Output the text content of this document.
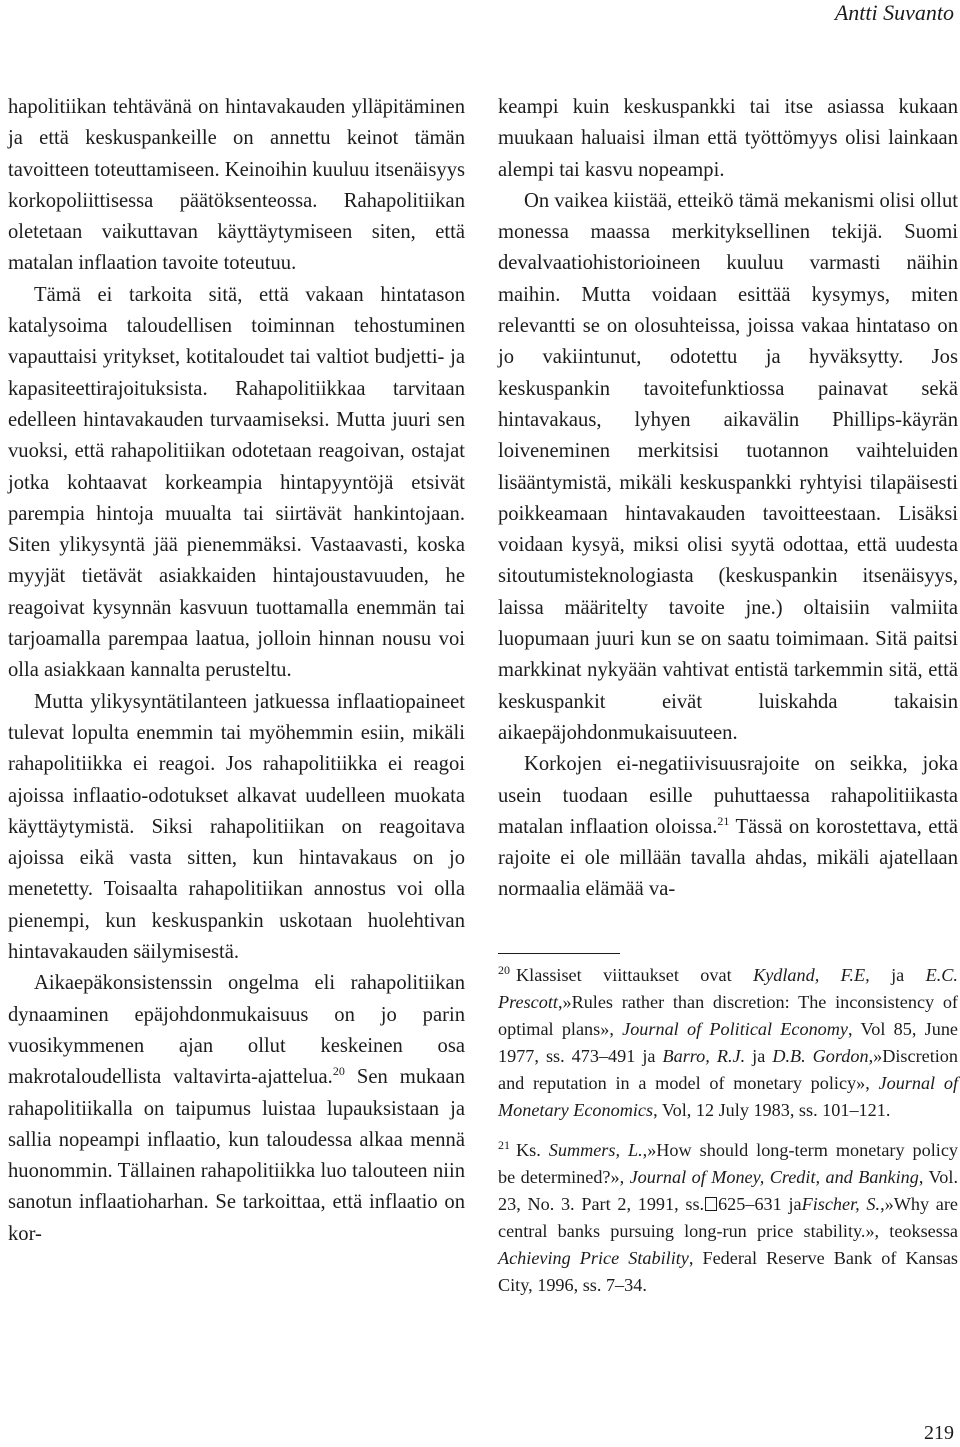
Antti Suvanto

hapolitiikan tehtävänä on hintavakauden ylläpitäminen ja että keskuspankeille on annettu keinot tämän tavoitteen toteuttamiseen. Keinoihin kuuluu itsenäisyys korkopoliittisessa päätöksenteossa. Rahapolitiikan oletetaan vaikuttavan käyttäytymiseen siten, että matalan inflaation tavoite toteutuu.

Tämä ei tarkoita sitä, että vakaan hintatason katalysoima taloudellisen toiminnan tehostuminen vapauttaisi yritykset, kotitaloudet tai valtiot budjetti- ja kapasiteettirajoituksista. Rahapolitiikkaa tarvitaan edelleen hintavakauden turvaamiseksi. Mutta juuri sen vuoksi, että rahapolitiikan odotetaan reagoivan, ostajat jotka kohtaavat korkeampia hintapyyntöjä etsivät parempia hintoja muualta tai siirtävät hankintojaan. Siten ylikysyntä jää pienemmäksi. Vastaavasti, koska myyjät tietävät asiakkaiden hintajoustavuuden, he reagoivat kysynnän kasvuun tuottamalla enemmän tai tarjoamalla parempaa laatua, jolloin hinnan nousu voi olla asiakkaan kannalta perusteltu.

Mutta ylikysyntätilanteen jatkuessa inflaatiopaineet tulevat lopulta enemmin tai myöhemmin esiin, mikäli rahapolitiikka ei reagoi. Jos rahapolitiikka ei reagoi ajoissa inflaatio-odotukset alkavat uudelleen muokata käyttäytymistä. Siksi rahapolitiikan on reagoitava ajoissa eikä vasta sitten, kun hintavakaus on jo menetetty. Toisaalta rahapolitiikan annostus voi olla pienempi, kun keskuspankin uskotaan huolehtivan hintavakauden säilymisestä.

Aikaepäkonsistenssin ongelma eli rahapolitiikan dynaaminen epäjohdonmukaisuus on jo parin vuosikymmenen ajan ollut keskeinen osa makrotaloudellista valtavirta-ajattelua.$^{20}$ Sen mukaan rahapolitiikalla on taipumus luistaa lupauksistaan ja sallia nopeampi inflaatio, kun taloudessa alkaa mennä huonommin. Tällainen rahapolitiikka luo talouteen niin sanotun inflaatioharhan. Se tarkoittaa, että inflaatio on kor-

keampi kuin keskuspankki tai itse asiassa kukaan muukaan haluaisi ilman että työttömyys olisi lainkaan alempi tai kasvu nopeampi.

On vaikea kiistää, etteikö tämä mekanismi olisi ollut monessa maassa merkityksellinen tekijä. Suomi devalvaatiohistorioineen kuuluu varmasti näihin maihin. Mutta voidaan esittää kysymys, miten relevantti se on olosuhteissa, joissa vakaa hintataso on jo vakiintunut, odotettu ja hyväksytty. Jos keskuspankin tavoitefunktiossa painavat sekä hintavakaus, lyhyen aikavälin Phillips-käyrän loiveneminen merkitsisi tuotannon vaihteluiden lisääntymistä, mikäli keskuspankki ryhtyisi tilapäisesti poikkeamaan hintavakauden tavoitteestaan. Lisäksi voidaan kysyä, miksi olisi syytä odottaa, että uudesta sitoutumisteknologiasta (keskuspankin itsenäisyys, laissa määritelty tavoite jne.) oltaisiin valmiita luopumaan juuri kun se on saatu toimimaan. Sitä paitsi markkinat nykyään vahtivat entistä tarkemmin sitä, että keskuspankit eivät luiskahda takaisin aikaepäjohdonmukaisuuteen.

Korkojen ei-negatiivisuusrajoite on seikka, joka usein tuodaan esille puhuttaessa rahapolitiikasta matalan inflaation oloissa.$^{21}$ Tässä on korostettava, että rajoite ei ole millään tavalla ahdas, mikäli ajatellaan normaalia elämää va-

$^{20}$ Klassiset viittaukset ovat Kydland, F.E, ja E.C. Prescott,»Rules rather than discretion: The inconsistency of optimal plans», Journal of Political Economy, Vol 85, June 1977, ss. 473–491 ja Barro, R.J. ja D.B. Gordon,»Discretion and reputation in a model of monetary policy», Journal of Monetary Economics, Vol, 12 July 1983, ss. 101–121.

$^{21}$ Ks. Summers, L.,»How should long-term monetary policy be determined?», Journal of Money, Credit, and Banking, Vol. 23, No. 3. Part 2, 1991, ss. 625–631 jaFischer, S.,»Why are central banks pursuing long-run price stability.», teoksessa Achieving Price Stability, Federal Reserve Bank of Kansas City, 1996, ss. 7–34.

219
